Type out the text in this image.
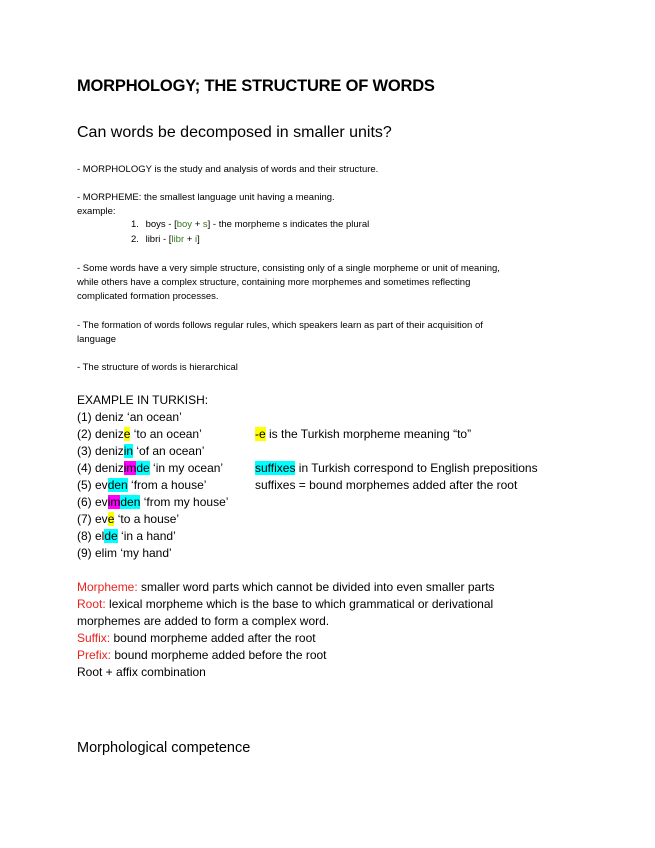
MORPHOLOGY; THE STRUCTURE OF WORDS
Can words be decomposed in smaller units?
- MORPHOLOGY is the study and analysis of words and their structure.
- MORPHEME: the smallest language unit having a meaning.
example:
1. boys - [boy + s] - the morpheme s indicates the plural
2. libri - [libr + i]
- Some words have a very simple structure, consisting only of a single morpheme or unit of meaning,
while others have a complex structure, containing more morphemes and sometimes reflecting
complicated formation processes.
- The formation of words follows regular rules, which speakers learn as part of their acquisition of
language
- The structure of words is hierarchical
EXAMPLE IN TURKISH:
(1) deniz ‘an ocean’
(2) denize ‘to an ocean’
(3) denizin ‘of an ocean’
(4) denizimde ‘in my ocean’
(5) evden ‘from a house’
(6) evimden ‘from my house’
(7) eve ‘to a house’
(8) elde ‘in a hand’
(9) elim ‘my hand’
-e is the Turkish morpheme meaning “to”
suffixes in Turkish correspond to English prepositions
suffixes = bound morphemes added after the root
Morpheme: smaller word parts which cannot be divided into even smaller parts
Root: lexical morpheme which is the base to which grammatical or derivational
morphemes are added to form a complex word.
Suffix: bound morpheme added after the root
Prefix: bound morpheme added before the root
Root + affix combination
Morphological competence
